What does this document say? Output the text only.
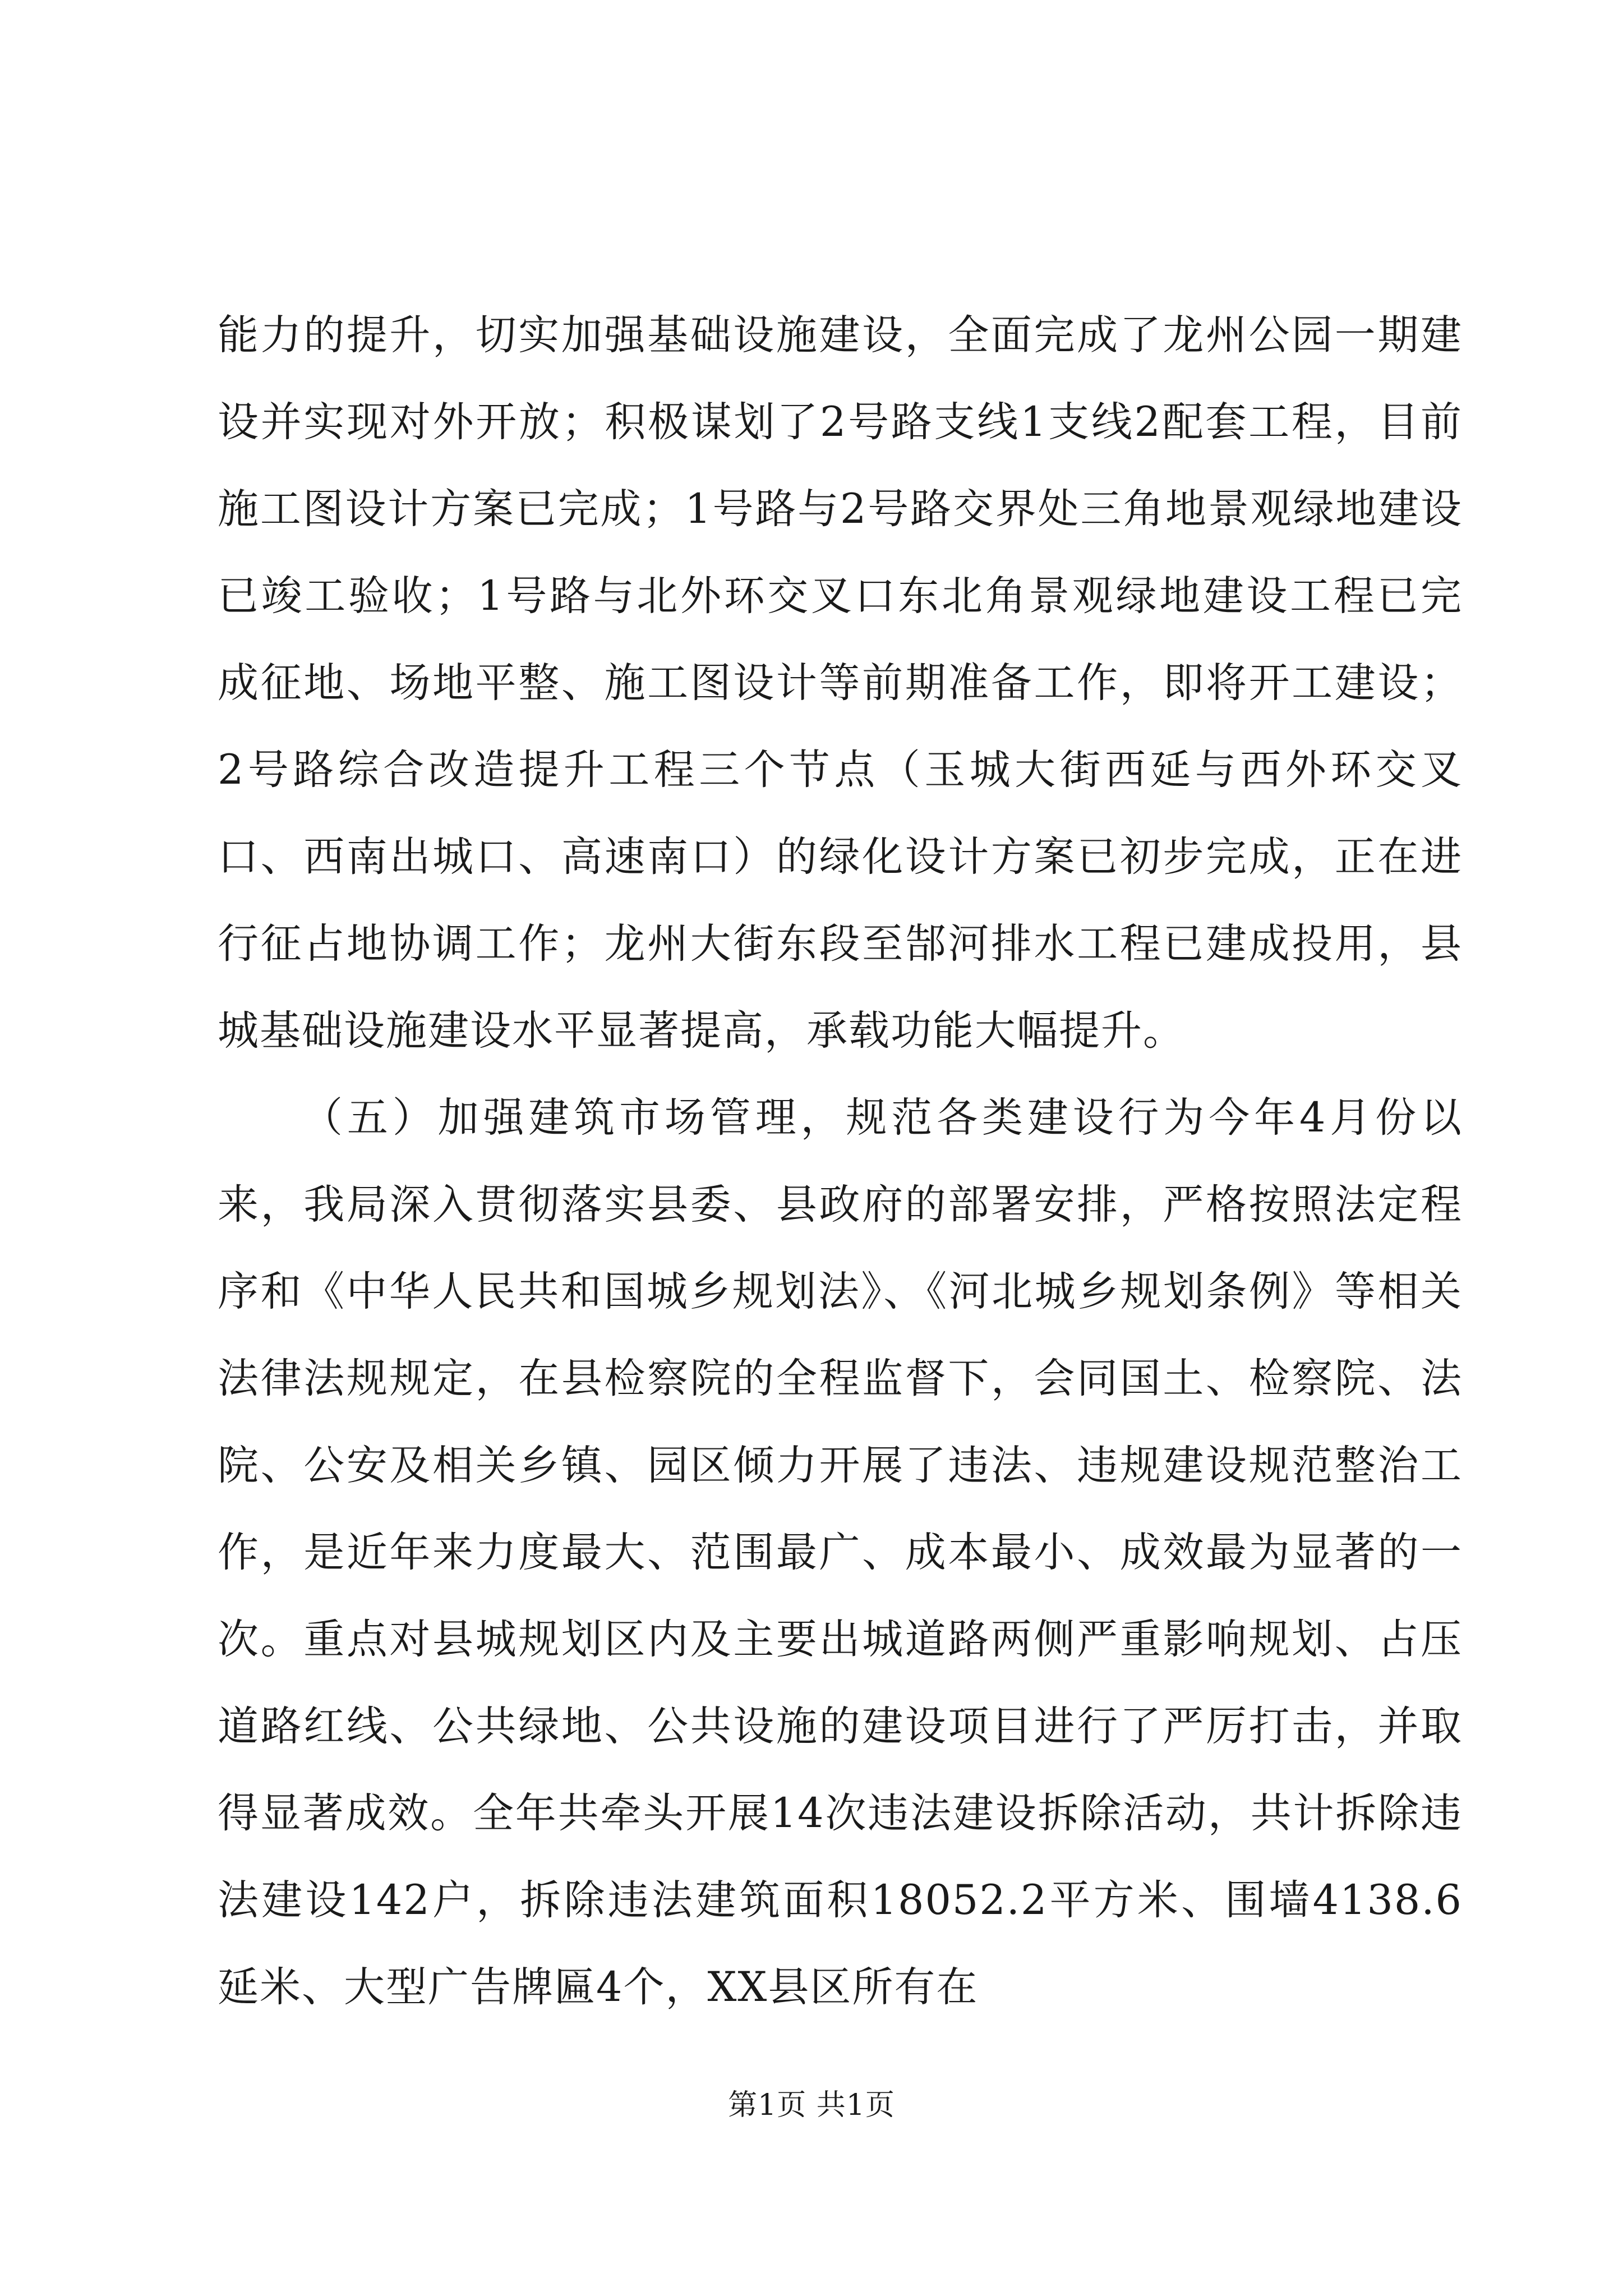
能力的提升，切实加强基础设施建设，全面完成了龙州公园一期建设并实现对外开放；积极谋划了2号路支线1支线2配套工程，目前施工图设计方案已完成；1号路与2号路交界处三角地景观绿地建设已竣工验收；1号路与北外环交叉口东北角景观绿地建设工程已完成征地、场地平整、施工图设计等前期准备工作，即将开工建设；2号路综合改造提升工程三个节点（玉城大街西延与西外环交叉口、西南出城口、高速南口）的绿化设计方案已初步完成，正在进行征占地协调工作；龙州大街东段至郜河排水工程已建成投用，县城基础设施建设水平显著提高，承载功能大幅提升。

（五）加强建筑市场管理，规范各类建设行为今年4月份以来，我局深入贯彻落实县委、县政府的部署安排，严格按照法定程序和《中华人民共和国城乡规划法》、《河北城乡规划条例》等相关法律法规规定，在县检察院的全程监督下，会同国土、检察院、法院、公安及相关乡镇、园区倾力开展了违法、违规建设规范整治工作，是近年来力度最大、范围最广、成本最小、成效最为显著的一次。重点对县城规划区内及主要出城道路两侧严重影响规划、占压道路红线、公共绿地、公共设施的建设项目进行了严厉打击，并取得显著成效。全年共牵头开展14次违法建设拆除活动，共计拆除违法建设142户，拆除违法建筑面积18052.2平方米、围墙4138.6延米、大型广告牌匾4个，XX县区所有在

第1页 共1页
